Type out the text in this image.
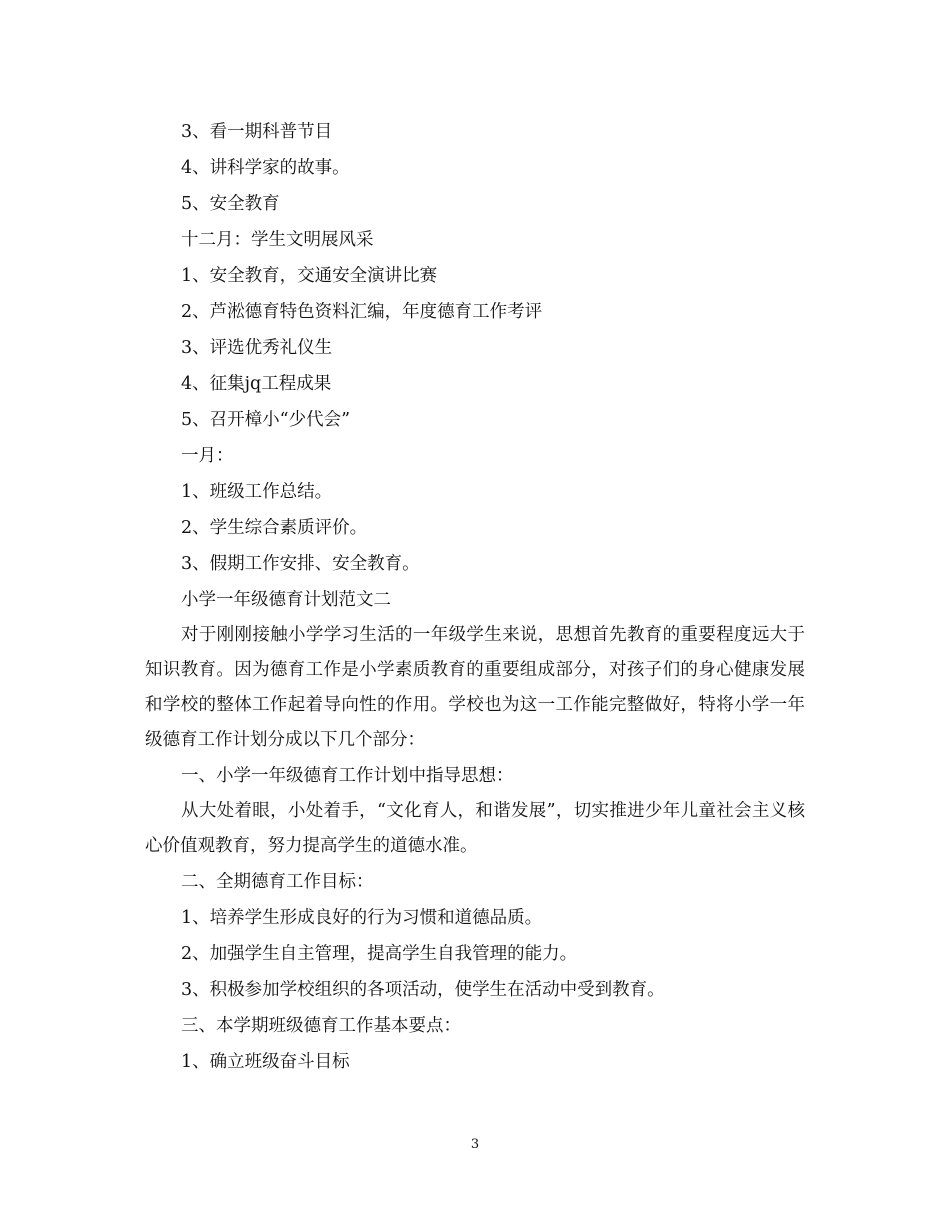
3、看一期科普节目
4、讲科学家的故事。
5、安全教育
十二月：学生文明展风采
1、安全教育，交通安全演讲比赛
2、芦淞德育特色资料汇编，年度德育工作考评
3、评选优秀礼仪生
4、征集jq工程成果
5、召开樟小“少代会”
一月：
1、班级工作总结。
2、学生综合素质评价。
3、假期工作安排、安全教育。
小学一年级德育计划范文二

对于刚刚接触小学学习生活的一年级学生来说，思想首先教育的重要程度远大于知识教育。因为德育工作是小学素质教育的重要组成部分，对孩子们的身心健康发展和学校的整体工作起着导向性的作用。学校也为这一工作能完整做好，特将小学一年级德育工作计划分成以下几个部分：

一、小学一年级德育工作计划中指导思想：

从大处着眼，小处着手，“文化育人，和谐发展”，切实推进少年儿童社会主义核心价值观教育，努力提高学生的道德水准。

二、全期德育工作目标：
1、培养学生形成良好的行为习惯和道德品质。
2、加强学生自主管理，提高学生自我管理的能力。
3、积极参加学校组织的各项活动，使学生在活动中受到教育。
三、本学期班级德育工作基本要点：
1、确立班级奋斗目标
3
